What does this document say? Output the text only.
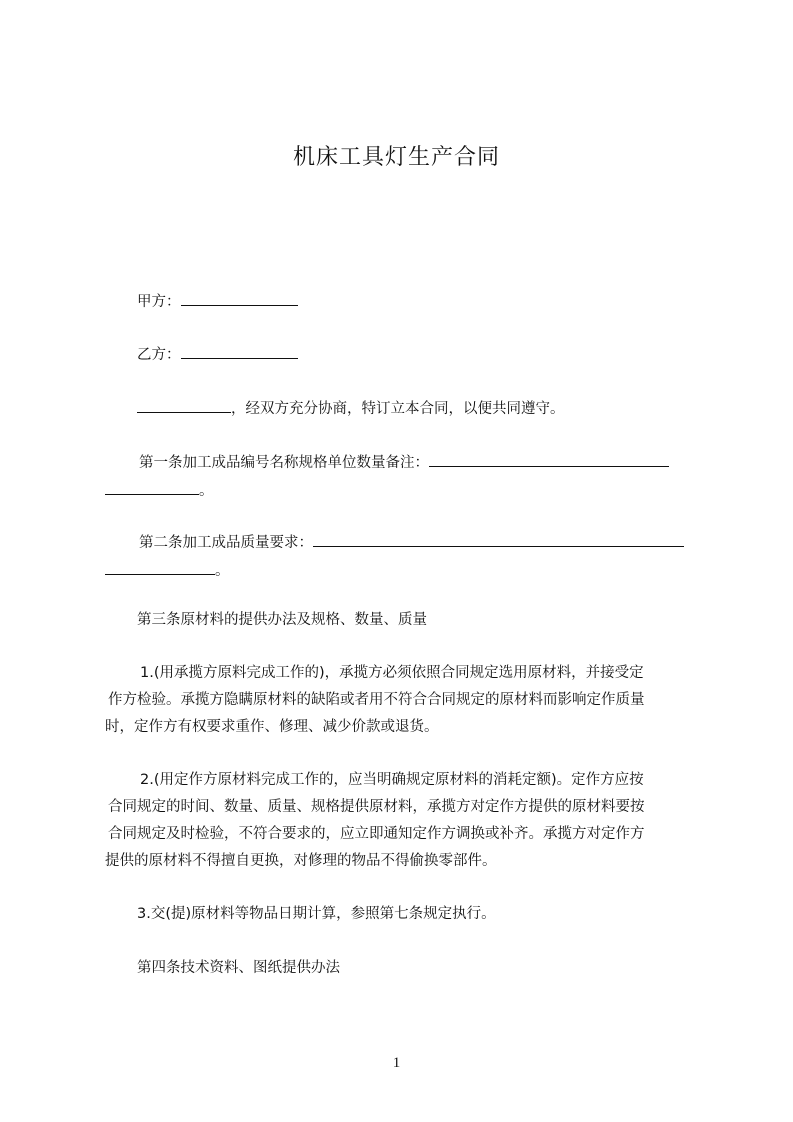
机床工具灯生产合同
甲方：
乙方：
，经双方充分协商，特订立本合同，以便共同遵守。
第一条加工成品编号名称规格单位数量备注：
。
第二条加工成品质量要求：
。
第三条原材料的提供办法及规格、数量、质量
1.(用承揽方原料完成工作的)，承揽方必须依照合同规定选用原材料，并接受定
作方检验。承揽方隐瞒原材料的缺陷或者用不符合合同规定的原材料而影响定作质量
时，定作方有权要求重作、修理、减少价款或退货。
2.(用定作方原材料完成工作的，应当明确规定原材料的消耗定额)。定作方应按
合同规定的时间、数量、质量、规格提供原材料，承揽方对定作方提供的原材料要按
合同规定及时检验，不符合要求的，应立即通知定作方调换或补齐。承揽方对定作方
提供的原材料不得擅自更换，对修理的物品不得偷换零部件。
3.交(提)原材料等物品日期计算，参照第七条规定执行。
第四条技术资料、图纸提供办法
1
